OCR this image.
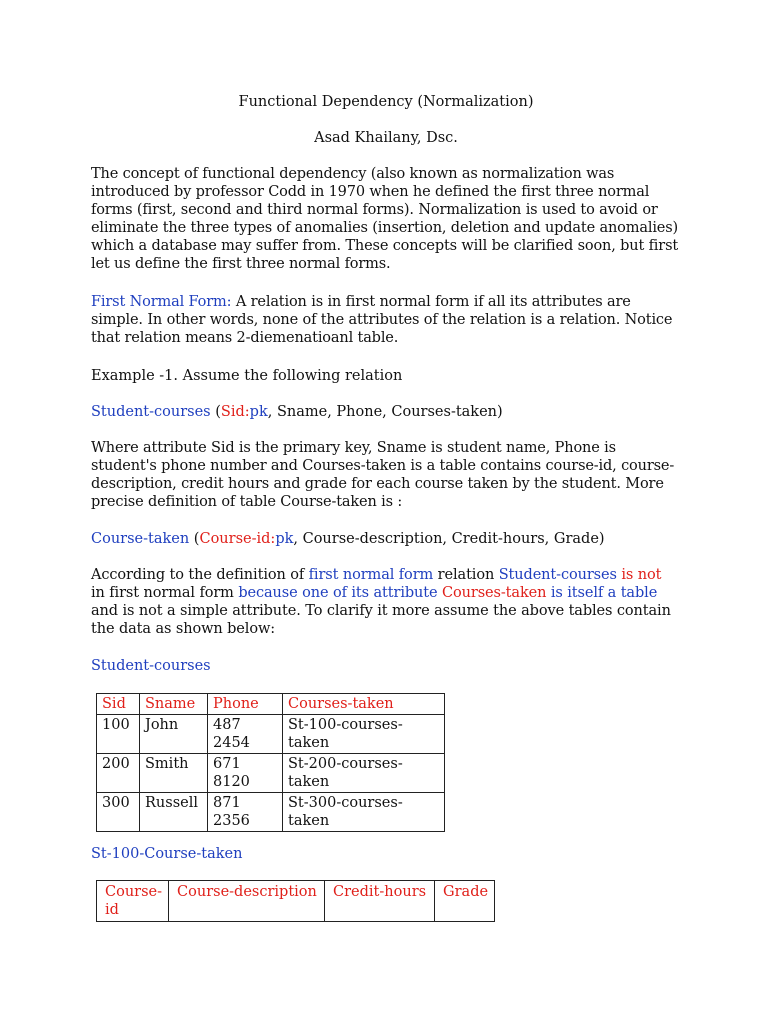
Functional Dependency (Normalization)

Asad Khailany, Dsc.

The concept of functional dependency (also known as normalization was introduced by professor Codd in 1970 when he defined the first three normal forms (first, second and third normal forms). Normalization is used to avoid or eliminate the three types of anomalies (insertion, deletion and update anomalies) which a database may suffer from. These concepts will be clarified soon, but first let us define the first three normal forms.

First Normal Form: A relation is in first normal form if all its attributes are simple. In other words, none of the attributes of the relation is a relation. Notice that relation means 2-diemenatioanl table.

Example -1. Assume the following relation

Student-courses (Sid:pk, Sname, Phone, Courses-taken)

Where attribute Sid is the primary key, Sname is student name, Phone is student's phone number and Courses-taken is a table contains course-id, course-description, credit hours and grade for each course taken by the student. More precise definition of table Course-taken is :

Course-taken (Course-id:pk, Course-description, Credit-hours, Grade)

According to the definition of first normal form relation Student-courses is not
in first normal form because one of its attribute Courses-taken is itself a table
and is not a simple attribute. To clarify it more assume the above tables contain the data as shown below:

Student-courses

St-100-Course-taken

Sid	Sname	Phone	Courses-taken
100	John	487 2454	St-100-courses-taken
200	Smith	671 8120	St-200-courses-taken
300	Russell	871 2356	St-300-courses-taken
Course-id	Course-description	Credit-hours	Grade
